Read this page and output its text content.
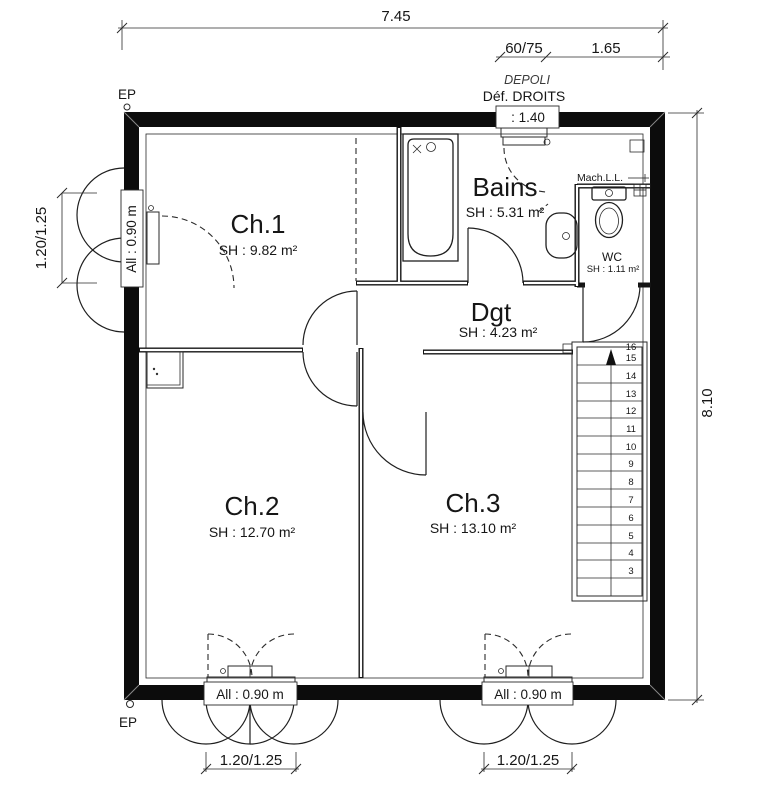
16
15
14
13
12
11
10
9
8
7
6
5
4
3
7.45
60/75	1.65
8.10
1.20/1.25
1.20/1.25	1.20/1.25
EP
EP
DEPOLI
Déf. DROITS
: 1.40
All : 0.90 m
All : 0.90 m	All : 0.90 m
Mach.L.L.
Ch.1
SH : 9.82 m²
Bains
SH : 5.31 m²
WC
SH : 1.11 m²
Dgt
SH : 4.23 m²
Ch.2
SH : 12.70 m²
Ch.3
SH : 13.10 m²
